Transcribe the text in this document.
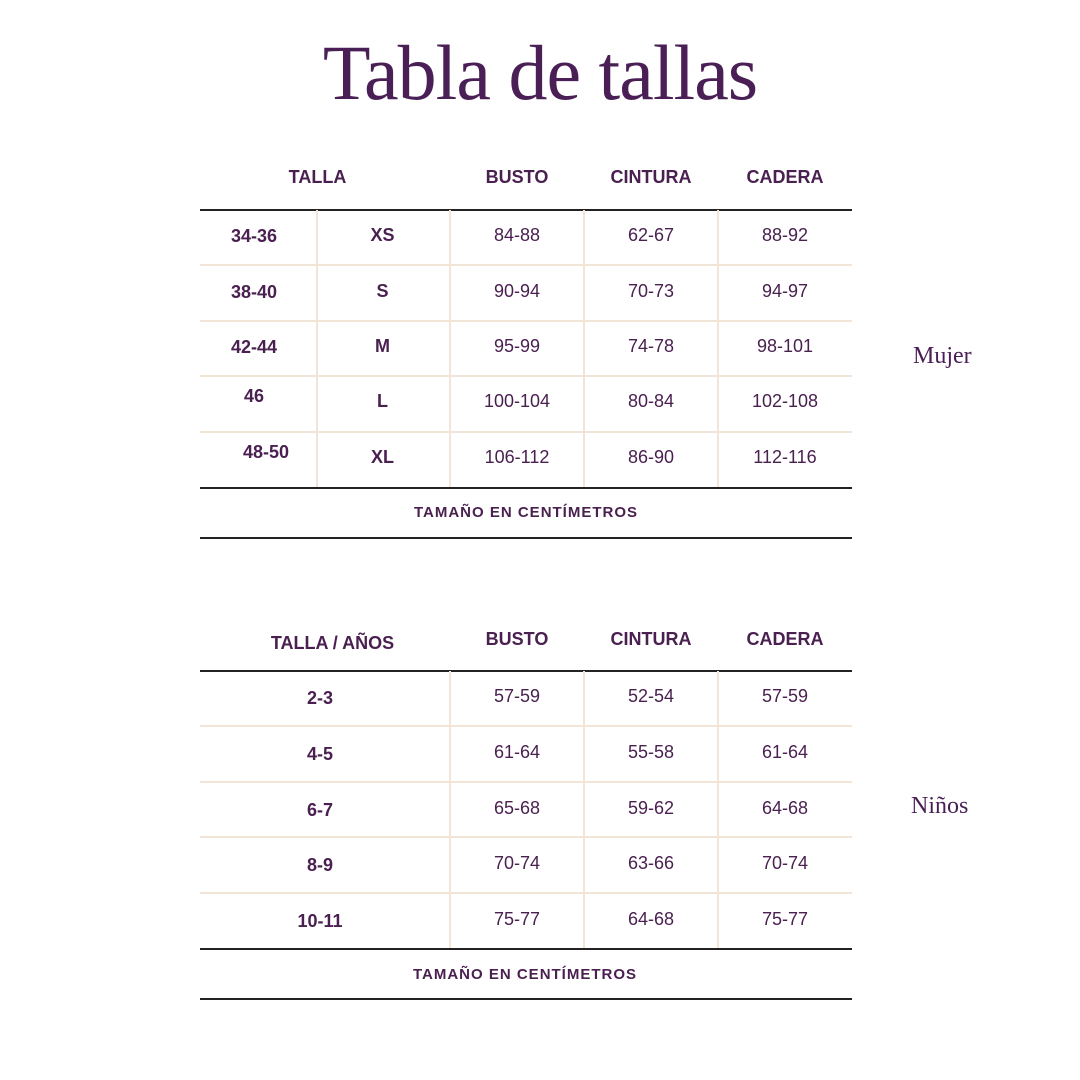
Tabla de tallas
TALLA	BUSTO	CINTURA	CADERA
34-36	XS	84-88	62-67	88-92
38-40	S	90-94	70-73	94-97
42-44	M	95-99	74-78	98-101
46	L	100-104	80-84	102-108
48-50	XL	106-112	86-90	112-116
TAMAÑO EN CENTÍMETROS
Mujer
TALLA / AÑOS	BUSTO	CINTURA	CADERA
2-3	57-59	52-54	57-59
4-5	61-64	55-58	61-64
6-7	65-68	59-62	64-68
8-9	70-74	63-66	70-74
10-11	75-77	64-68	75-77
TAMAÑO EN CENTÍMETROS
Niños
